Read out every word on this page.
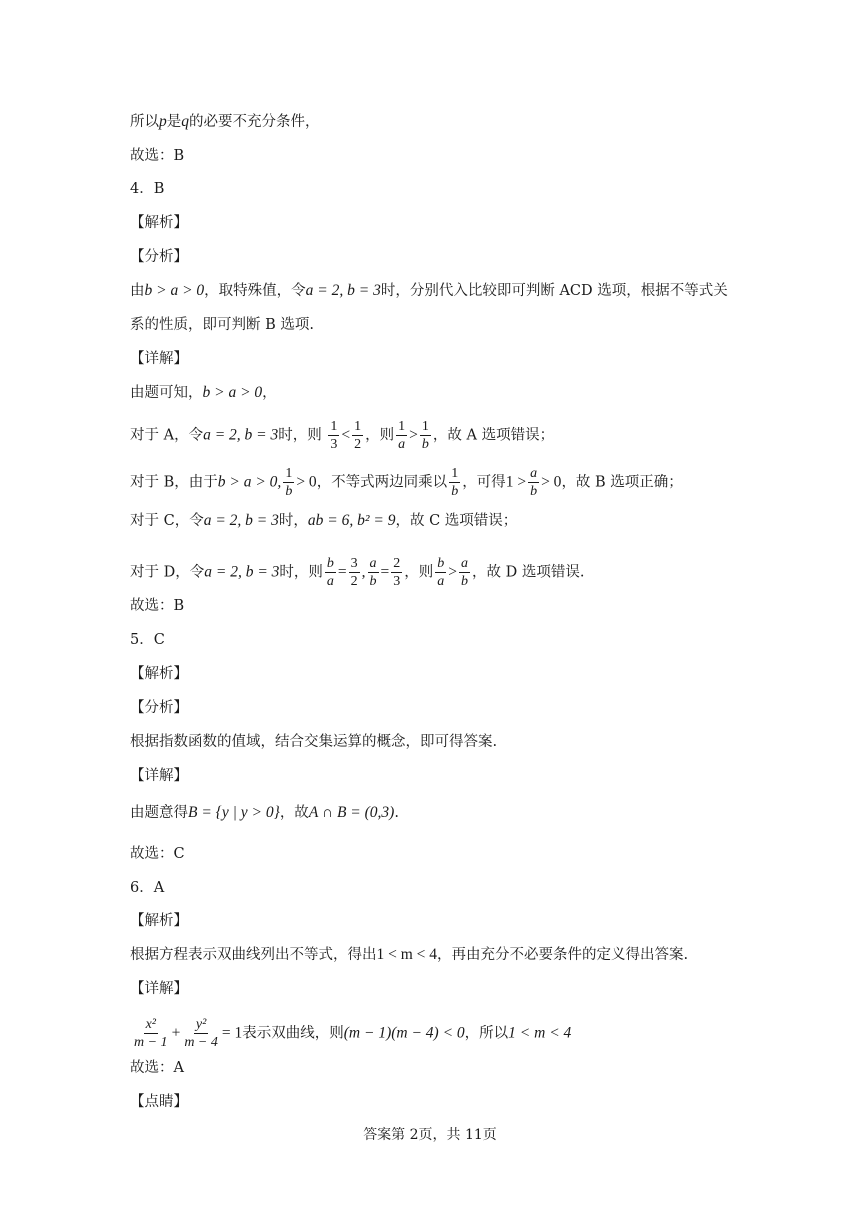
所以p是q的必要不充分条件，
故选：B
4．B
【解析】
【分析】
由b > a > 0，取特殊值，令a = 2, b = 3时，分别代入比较即可判断 ACD 选项，根据不等式关
系的性质，即可判断 B 选项.
【详解】
由题可知，b > a > 0，
对于 A，令a = 2, b = 3时，则 $\frac{1}{3} < \frac{1}{2}$ ，则 $\frac{1}{a} > \frac{1}{b}$ ，故 A 选项错误；
对于 B，由于b > a > 0, $\frac{1}{b} > 0$，不等式两边同乘以 $\frac{1}{b}$ ，可得$1 > \frac{a}{b} > 0$，故 B 选项正确；
对于 C，令a = 2, b = 3时，ab = 6, b² = 9，故 C 选项错误；
对于 D，令a = 2, b = 3时，则 $\frac{b}{a} = \frac{3}{2}$ , $\frac{a}{b} = \frac{2}{3}$ ，则 $\frac{b}{a} > \frac{a}{b}$ ，故 D 选项错误.
故选：B
5．C
【解析】
【分析】
根据指数函数的值域，结合交集运算的概念，即可得答案.
【详解】
由题意得B = {y | y > 0}，故A ∩ B = (0,3).
故选：C
6．A
【解析】
根据方程表示双曲线列出不等式，得出1 < m < 4，再由充分不必要条件的定义得出答案.
【详解】
$\frac{\text{x²}}{m - 1} + \frac{\text{y²}}{m - 4} = 1$表示双曲线，则(m − 1)(m − 4) < 0，所以1 < m < 4
故选：A
【点睛】
答案第 2页，共 11页
